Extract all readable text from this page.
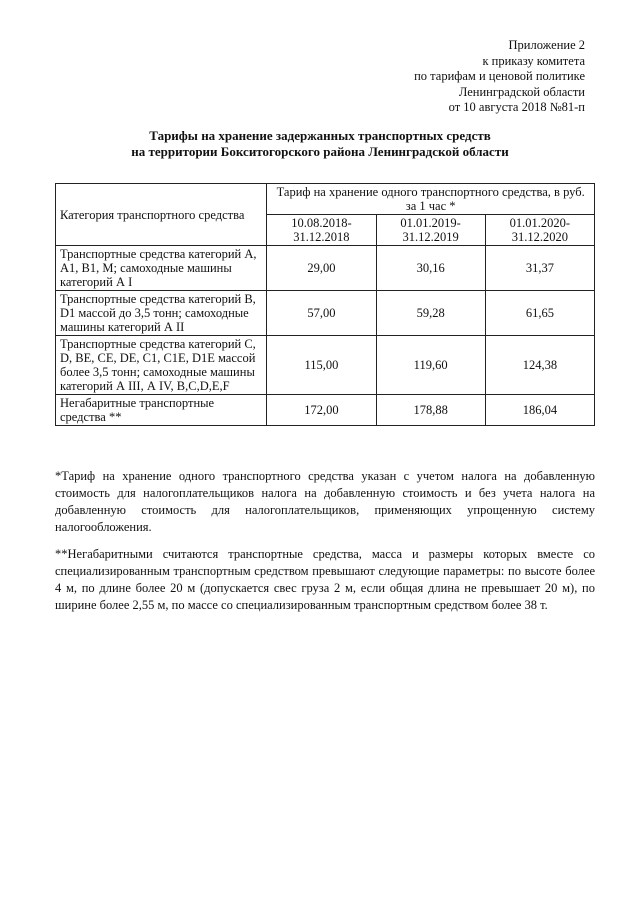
Приложение 2
к приказу комитета
по тарифам и ценовой политике
Ленинградской области
от 10 августа 2018 №81-п
Тарифы на хранение задержанных транспортных средств
на территории Бокситогорского района Ленинградской области
Категория транспортного средства	Тариф на хранение одного транспортного средства, в руб. за 1 час *		
	10.08.2018-31.12.2018	01.01.2019-31.12.2019	01.01.2020-31.12.2020
Транспортные средства категорий A, A1, B1, M; самоходные машины категорий А I	29,00	30,16	31,37
Транспортные средства категорий B, D1 массой до 3,5 тонн; самоходные машины категорий А II	57,00	59,28	61,65
Транспортные средства категорий C, D, BE, CE, DE, C1, C1E, D1E массой более 3,5 тонн; самоходные машины категорий А III, А IV, B,C,D,E,F	115,00	119,60	124,38
Негабаритные транспортные средства **	172,00	178,88	186,04
*Тариф на хранение одного транспортного средства указан с учетом налога на добавленную стоимость для налогоплательщиков налога на добавленную стоимость и без учета налога на добавленную стоимость для налогоплательщиков, применяющих упрощенную систему налогообложения.
**Негабаритными считаются транспортные средства, масса и размеры которых вместе со специализированным транспортным средством превышают следующие параметры: по высоте более 4 м, по длине более 20 м (допускается свес груза 2 м, если общая длина не превышает 20 м), по ширине более 2,55 м, по массе со специализированным транспортным средством более 38 т.
